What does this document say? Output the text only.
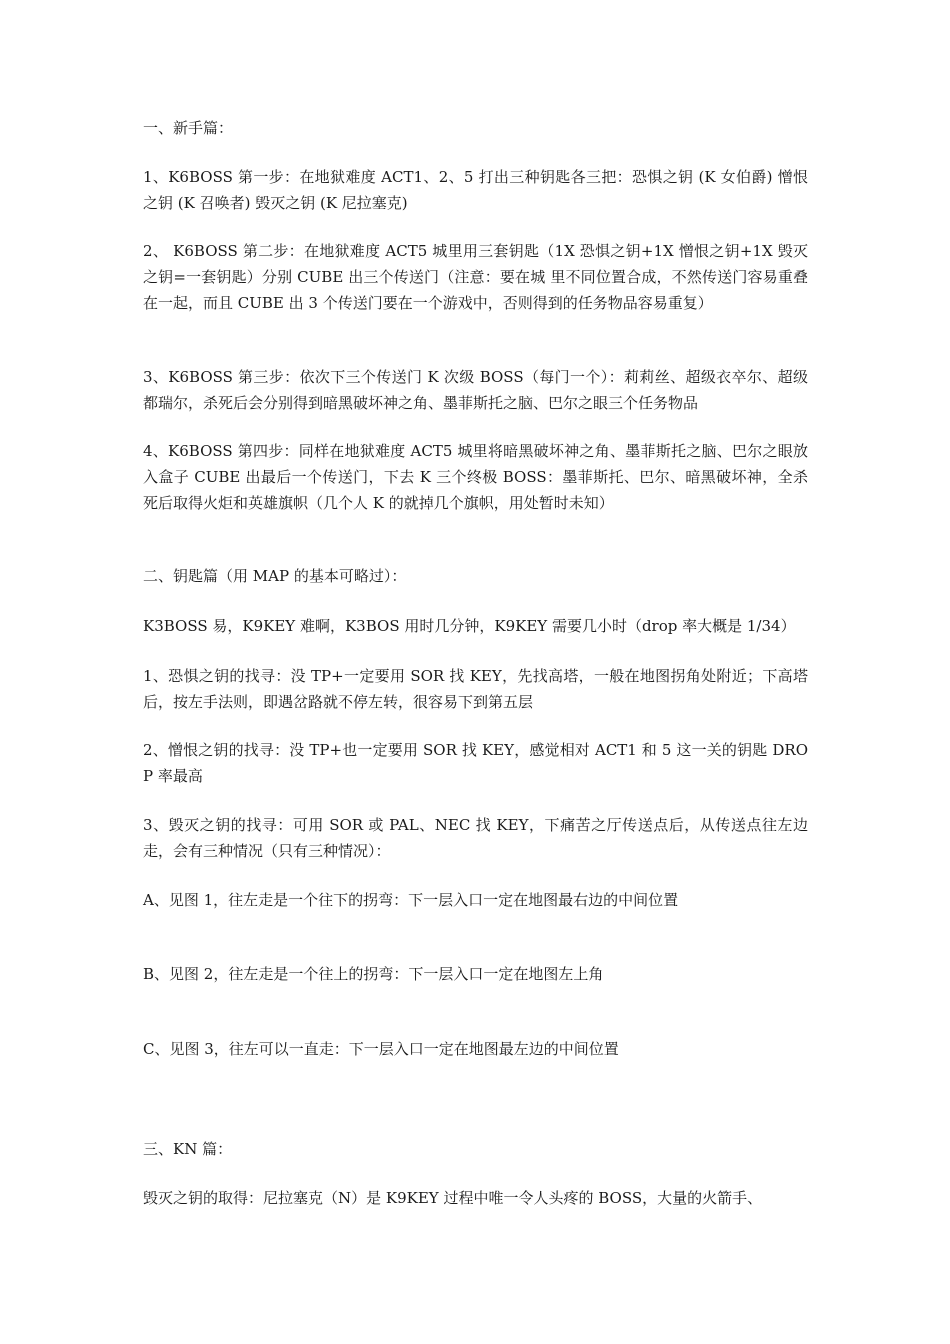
一、新手篇：

1、K6BOSS 第一步：在地狱难度 ACT1、2、5 打出三种钥匙各三把：恐惧之钥 (K 女伯爵) 憎恨之钥 (K 召唤者) 毁灭之钥 (K 尼拉塞克)

2、 K6BOSS 第二步：在地狱难度 ACT5 城里用三套钥匙（1X 恐惧之钥+1X 憎恨之钥+1X 毁灭之钥=一套钥匙）分别 CUBE 出三个传送门（注意：要在城 里不同位置合成，不然传送门容易重叠在一起，而且 CUBE 出 3 个传送门要在一个游戏中，否则得到的任务物品容易重复）

3、K6BOSS 第三步：依次下三个传送门 K 次级 BOSS（每门一个）：莉莉丝、超级衣卒尔、超级都瑞尔，杀死后会分别得到暗黑破坏神之角、墨菲斯托之脑、巴尔之眼三个任务物品

4、K6BOSS 第四步：同样在地狱难度 ACT5 城里将暗黑破坏神之角、墨菲斯托之脑、巴尔之眼放入盒子 CUBE 出最后一个传送门，下去 K 三个终极 BOSS：墨菲斯托、巴尔、暗黑破坏神，全杀死后取得火炬和英雄旗帜（几个人 K 的就掉几个旗帜，用处暂时未知）

二、钥匙篇（用 MAP 的基本可略过）：

K3BOSS 易，K9KEY 难啊，K3BOS 用时几分钟，K9KEY 需要几小时（drop 率大概是 1/34）

1、恐惧之钥的找寻：没 TP+一定要用 SOR 找 KEY，先找高塔，一般在地图拐角处附近；下高塔后，按左手法则，即遇岔路就不停左转，很容易下到第五层

2、憎恨之钥的找寻：没 TP+也一定要用 SOR 找 KEY，感觉相对 ACT1 和 5 这一关的钥匙 DROP 率最高

3、毁灭之钥的找寻：可用 SOR 或 PAL、NEC 找 KEY，下痛苦之厅传送点后，从传送点往左边走，会有三种情况（只有三种情况）：

A、见图 1，往左走是一个往下的拐弯：下一层入口一定在地图最右边的中间位置

B、见图 2，往左走是一个往上的拐弯：下一层入口一定在地图左上角

C、见图 3，往左可以一直走：下一层入口一定在地图最左边的中间位置

三、KN 篇：

毁灭之钥的取得：尼拉塞克（N）是 K9KEY 过程中唯一令人头疼的 BOSS，大量的火箭手、
